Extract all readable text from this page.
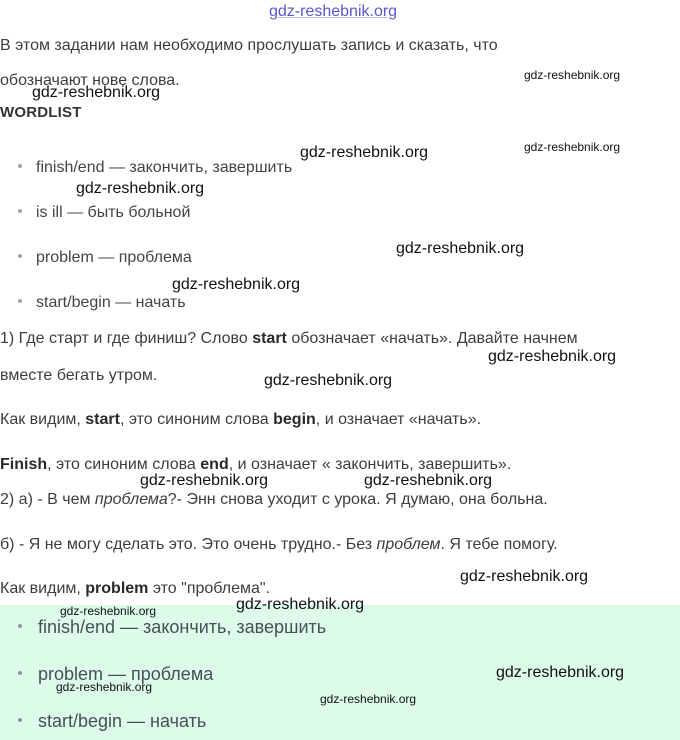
gdz-reshebnik.org
В этом задании нам необходимо прослушать запись и сказать, что
обозначают нове слова.
WORDLIST
finish/end — закончить, завершить
is ill — быть больной
problem — проблема
start/begin — начать
1) Где старт и где финиш? Слово start обозначает «начать». Давайте начнем
вместе бегать утром.
Как видим, start, это синоним слова begin, и означает «начать».
Finish, это синоним слова end, и означает « закончить, завершить».
2) а) - В чем проблема?- Энн снова уходит с урока. Я думаю, она больна.
б) - Я не могу сделать это. Это очень трудно.- Без проблем. Я тебе помогу.
Как видим, problem это "проблема".
finish/end — закончить, завершить
problem — проблема
start/begin — начать
gdz-reshebnik.org
gdz-reshebnik.org
gdz-reshebnik.org
gdz-reshebnik.org
gdz-reshebnik.org
gdz-reshebnik.org
gdz-reshebnik.org
gdz-reshebnik.org
gdz-reshebnik.org
gdz-reshebnik.org	gdz-reshebnik.org
gdz-reshebnik.org
gdz-reshebnik.org
gdz-reshebnik.org
gdz-reshebnik.org
gdz-reshebnik.org
gdz-reshebnik.org
